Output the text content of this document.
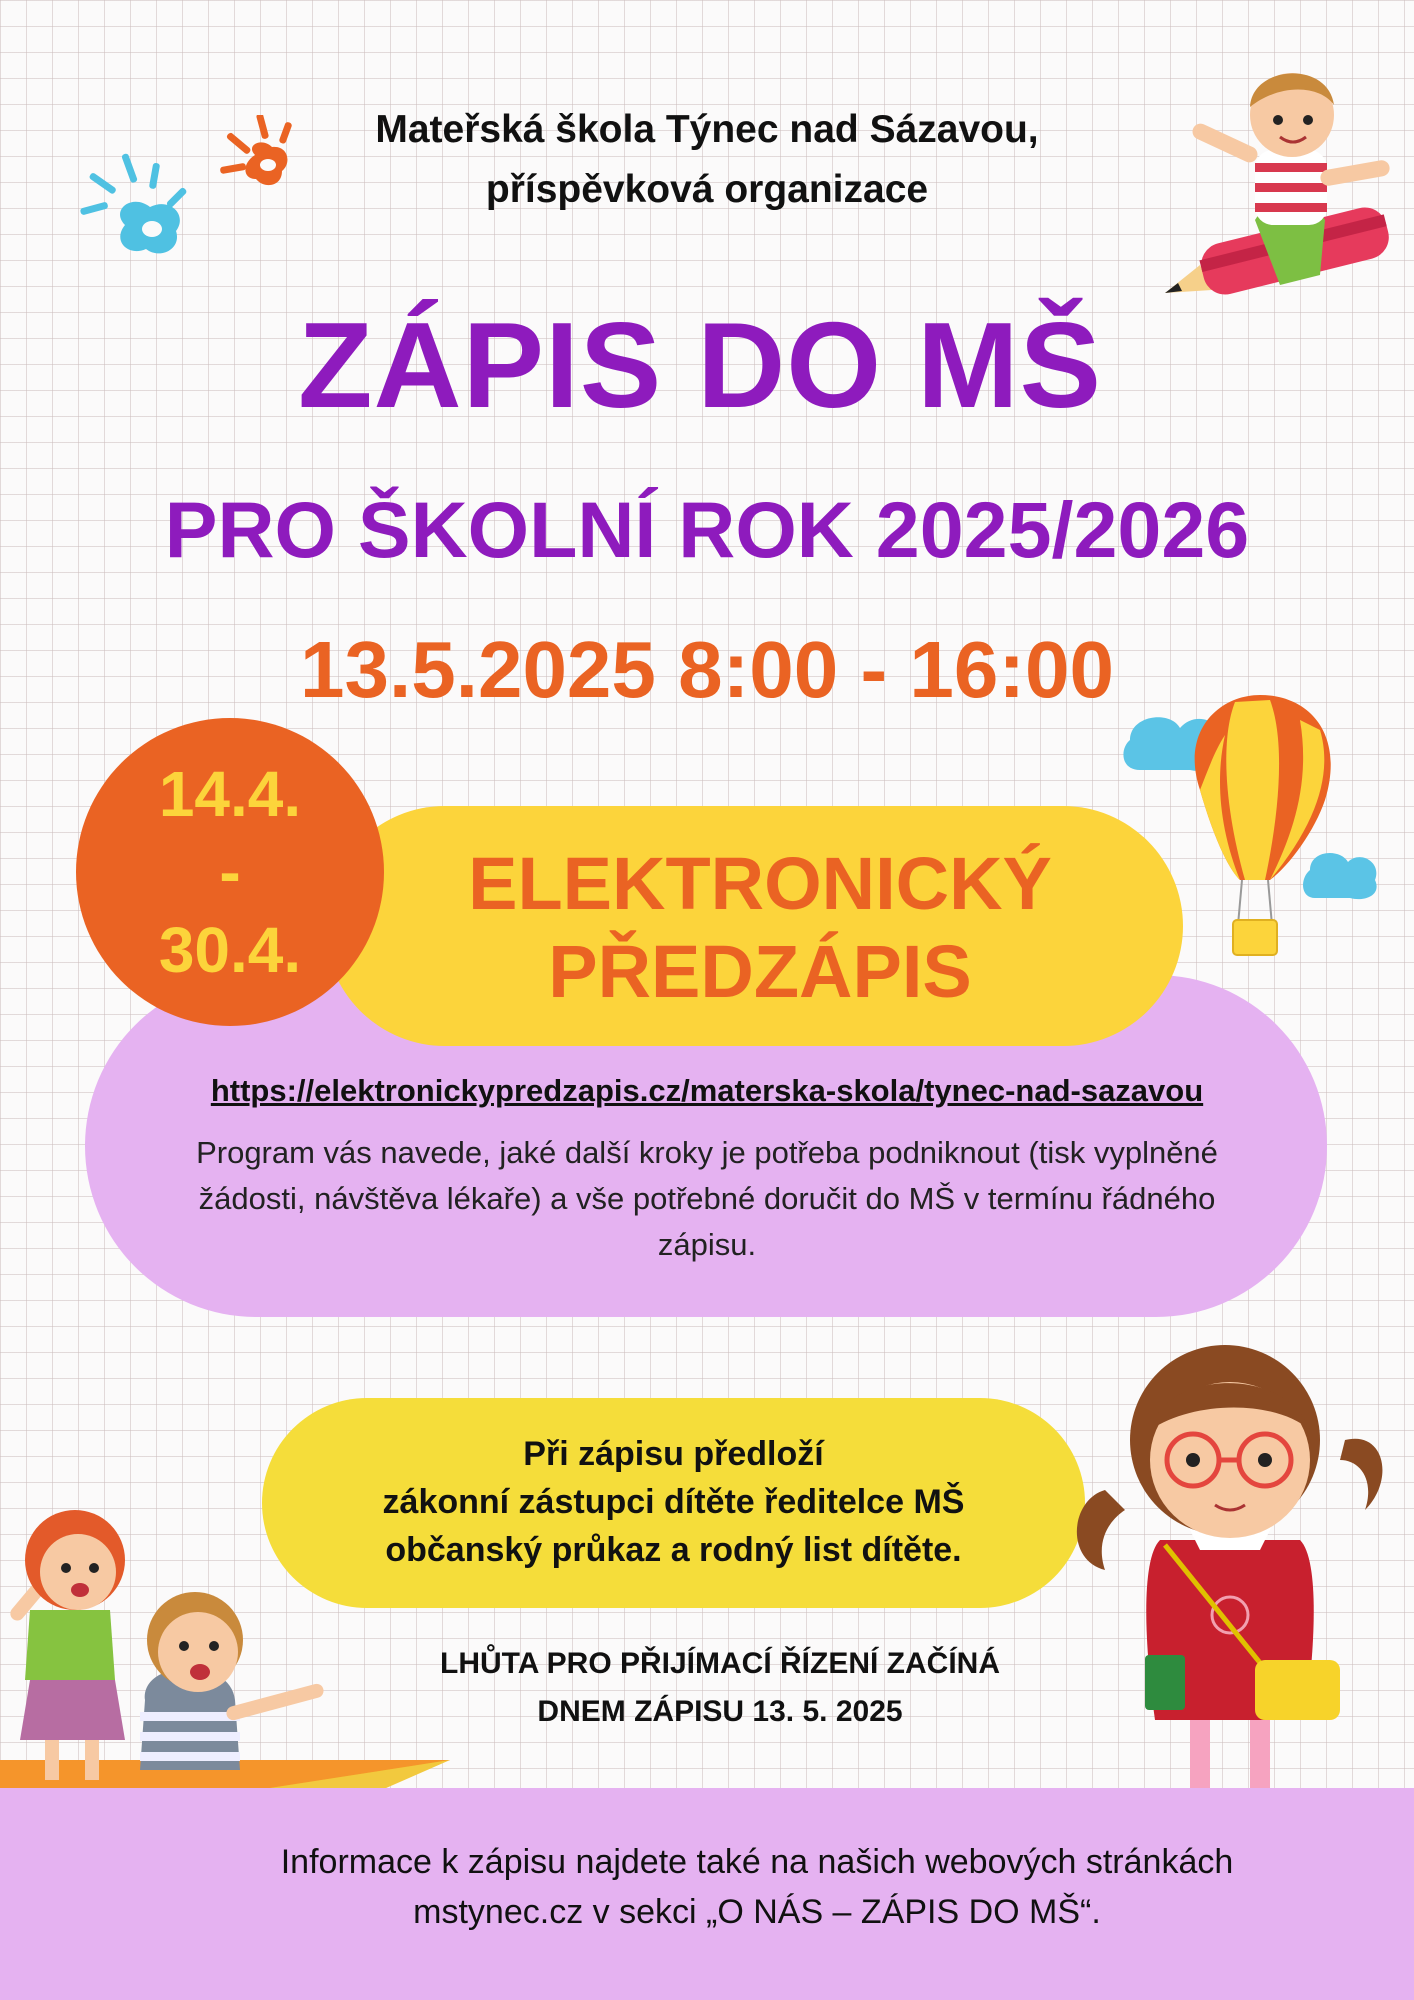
Mateřská škola Týnec nad Sázavou,
příspěvková organizace
ZÁPIS DO MŠ
PRO ŠKOLNÍ ROK 2025/2026
13.5.2025 8:00 - 16:00
14.4.
-
30.4.
ELEKTRONICKÝ
PŘEDZÁPIS
https://elektronickypredzapis.cz/materska-skola/tynec-nad-sazavou
Program vás navede, jaké další kroky je potřeba podniknout (tisk vyplněné žádosti, návštěva lékaře) a vše potřebné doručit do MŠ v termínu řádného zápisu.
Při zápisu předloží
zákonní zástupci dítěte ředitelce MŠ
občanský průkaz a rodný list dítěte.
LHŮTA PRO PŘIJÍMACÍ ŘÍZENÍ ZAČÍNÁ
DNEM ZÁPISU 13. 5. 2025
Informace k zápisu najdete také na našich webových stránkách
mstynec.cz v sekci „O NÁS – ZÁPIS DO MŠ“.
